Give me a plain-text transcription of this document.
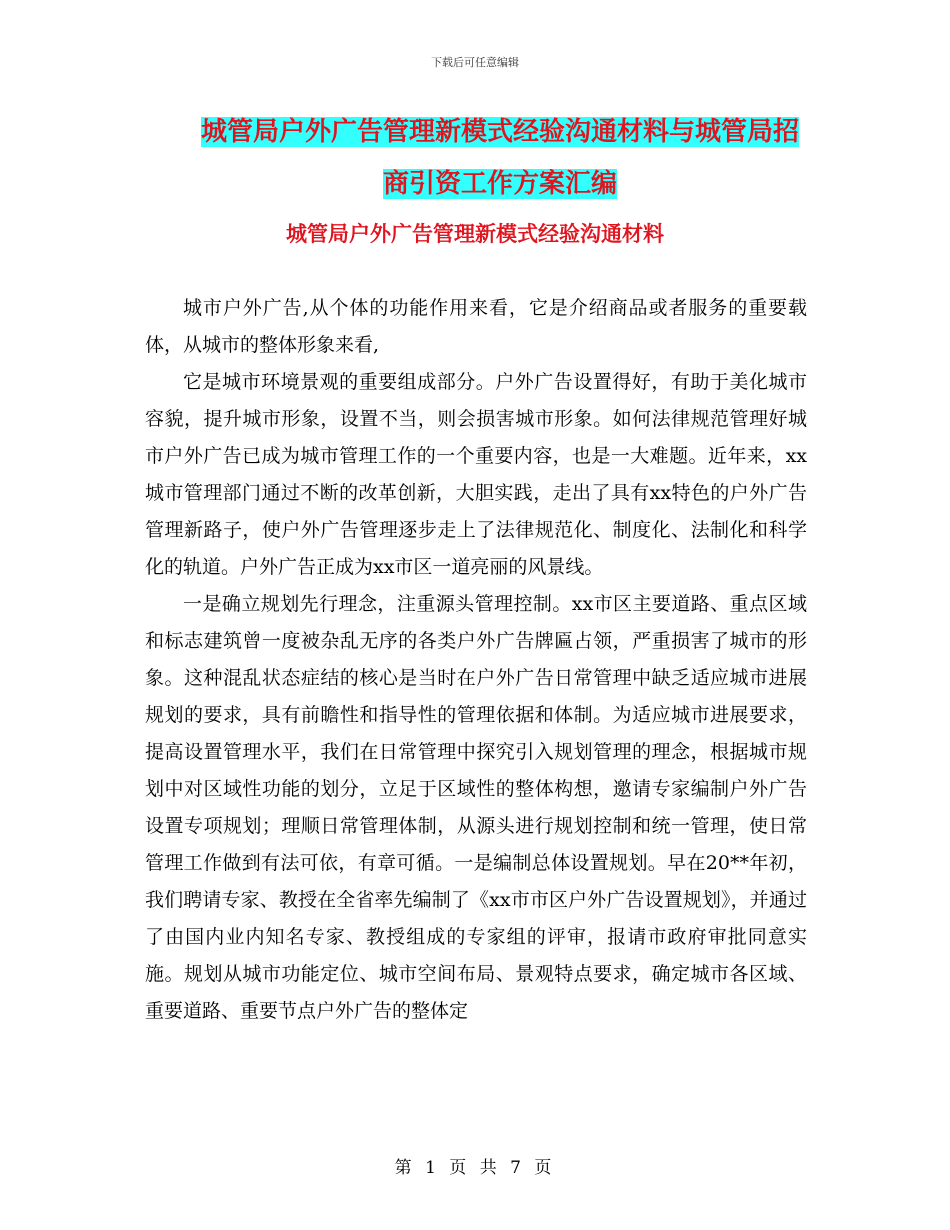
下载后可任意编辑
城管局户外广告管理新模式经验沟通材料与城管局招
商引资工作方案汇编
城管局户外广告管理新模式经验沟通材料

城市户外广告,从个体的功能作用来看，它是介绍商品或者服务的重要载体，从城市的整体形象来看,

它是城市环境景观的重要组成部分。户外广告设置得好，有助于美化城市容貌，提升城市形象，设置不当，则会损害城市形象。如何法律规范管理好城市户外广告已成为城市管理工作的一个重要内容，也是一大难题。近年来，xx城市管理部门通过不断的改革创新，大胆实践，走出了具有xx特色的户外广告管理新路子，使户外广告管理逐步走上了法律规范化、制度化、法制化和科学化的轨道。户外广告正成为xx市区一道亮丽的风景线。

一是确立规划先行理念，注重源头管理控制。xx市区主要道路、重点区域和标志建筑曾一度被杂乱无序的各类户外广告牌匾占领，严重损害了城市的形象。这种混乱状态症结的核心是当时在户外广告日常管理中缺乏适应城市进展规划的要求，具有前瞻性和指导性的管理依据和体制。为适应城市进展要求，提高设置管理水平，我们在日常管理中探究引入规划管理的理念，根据城市规划中对区域性功能的划分，立足于区域性的整体构想，邀请专家编制户外广告设置专项规划；理顺日常管理体制，从源头进行规划控制和统一管理，使日常管理工作做到有法可依，有章可循。一是编制总体设置规划。早在20**年初，我们聘请专家、教授在全省率先编制了《xx市市区户外广告设置规划》，并通过了由国内业内知名专家、教授组成的专家组的评审，报请市政府审批同意实施。规划从城市功能定位、城市空间布局、景观特点要求，确定城市各区域、重要道路、重要节点户外广告的整体定

第 1 页 共 7 页
